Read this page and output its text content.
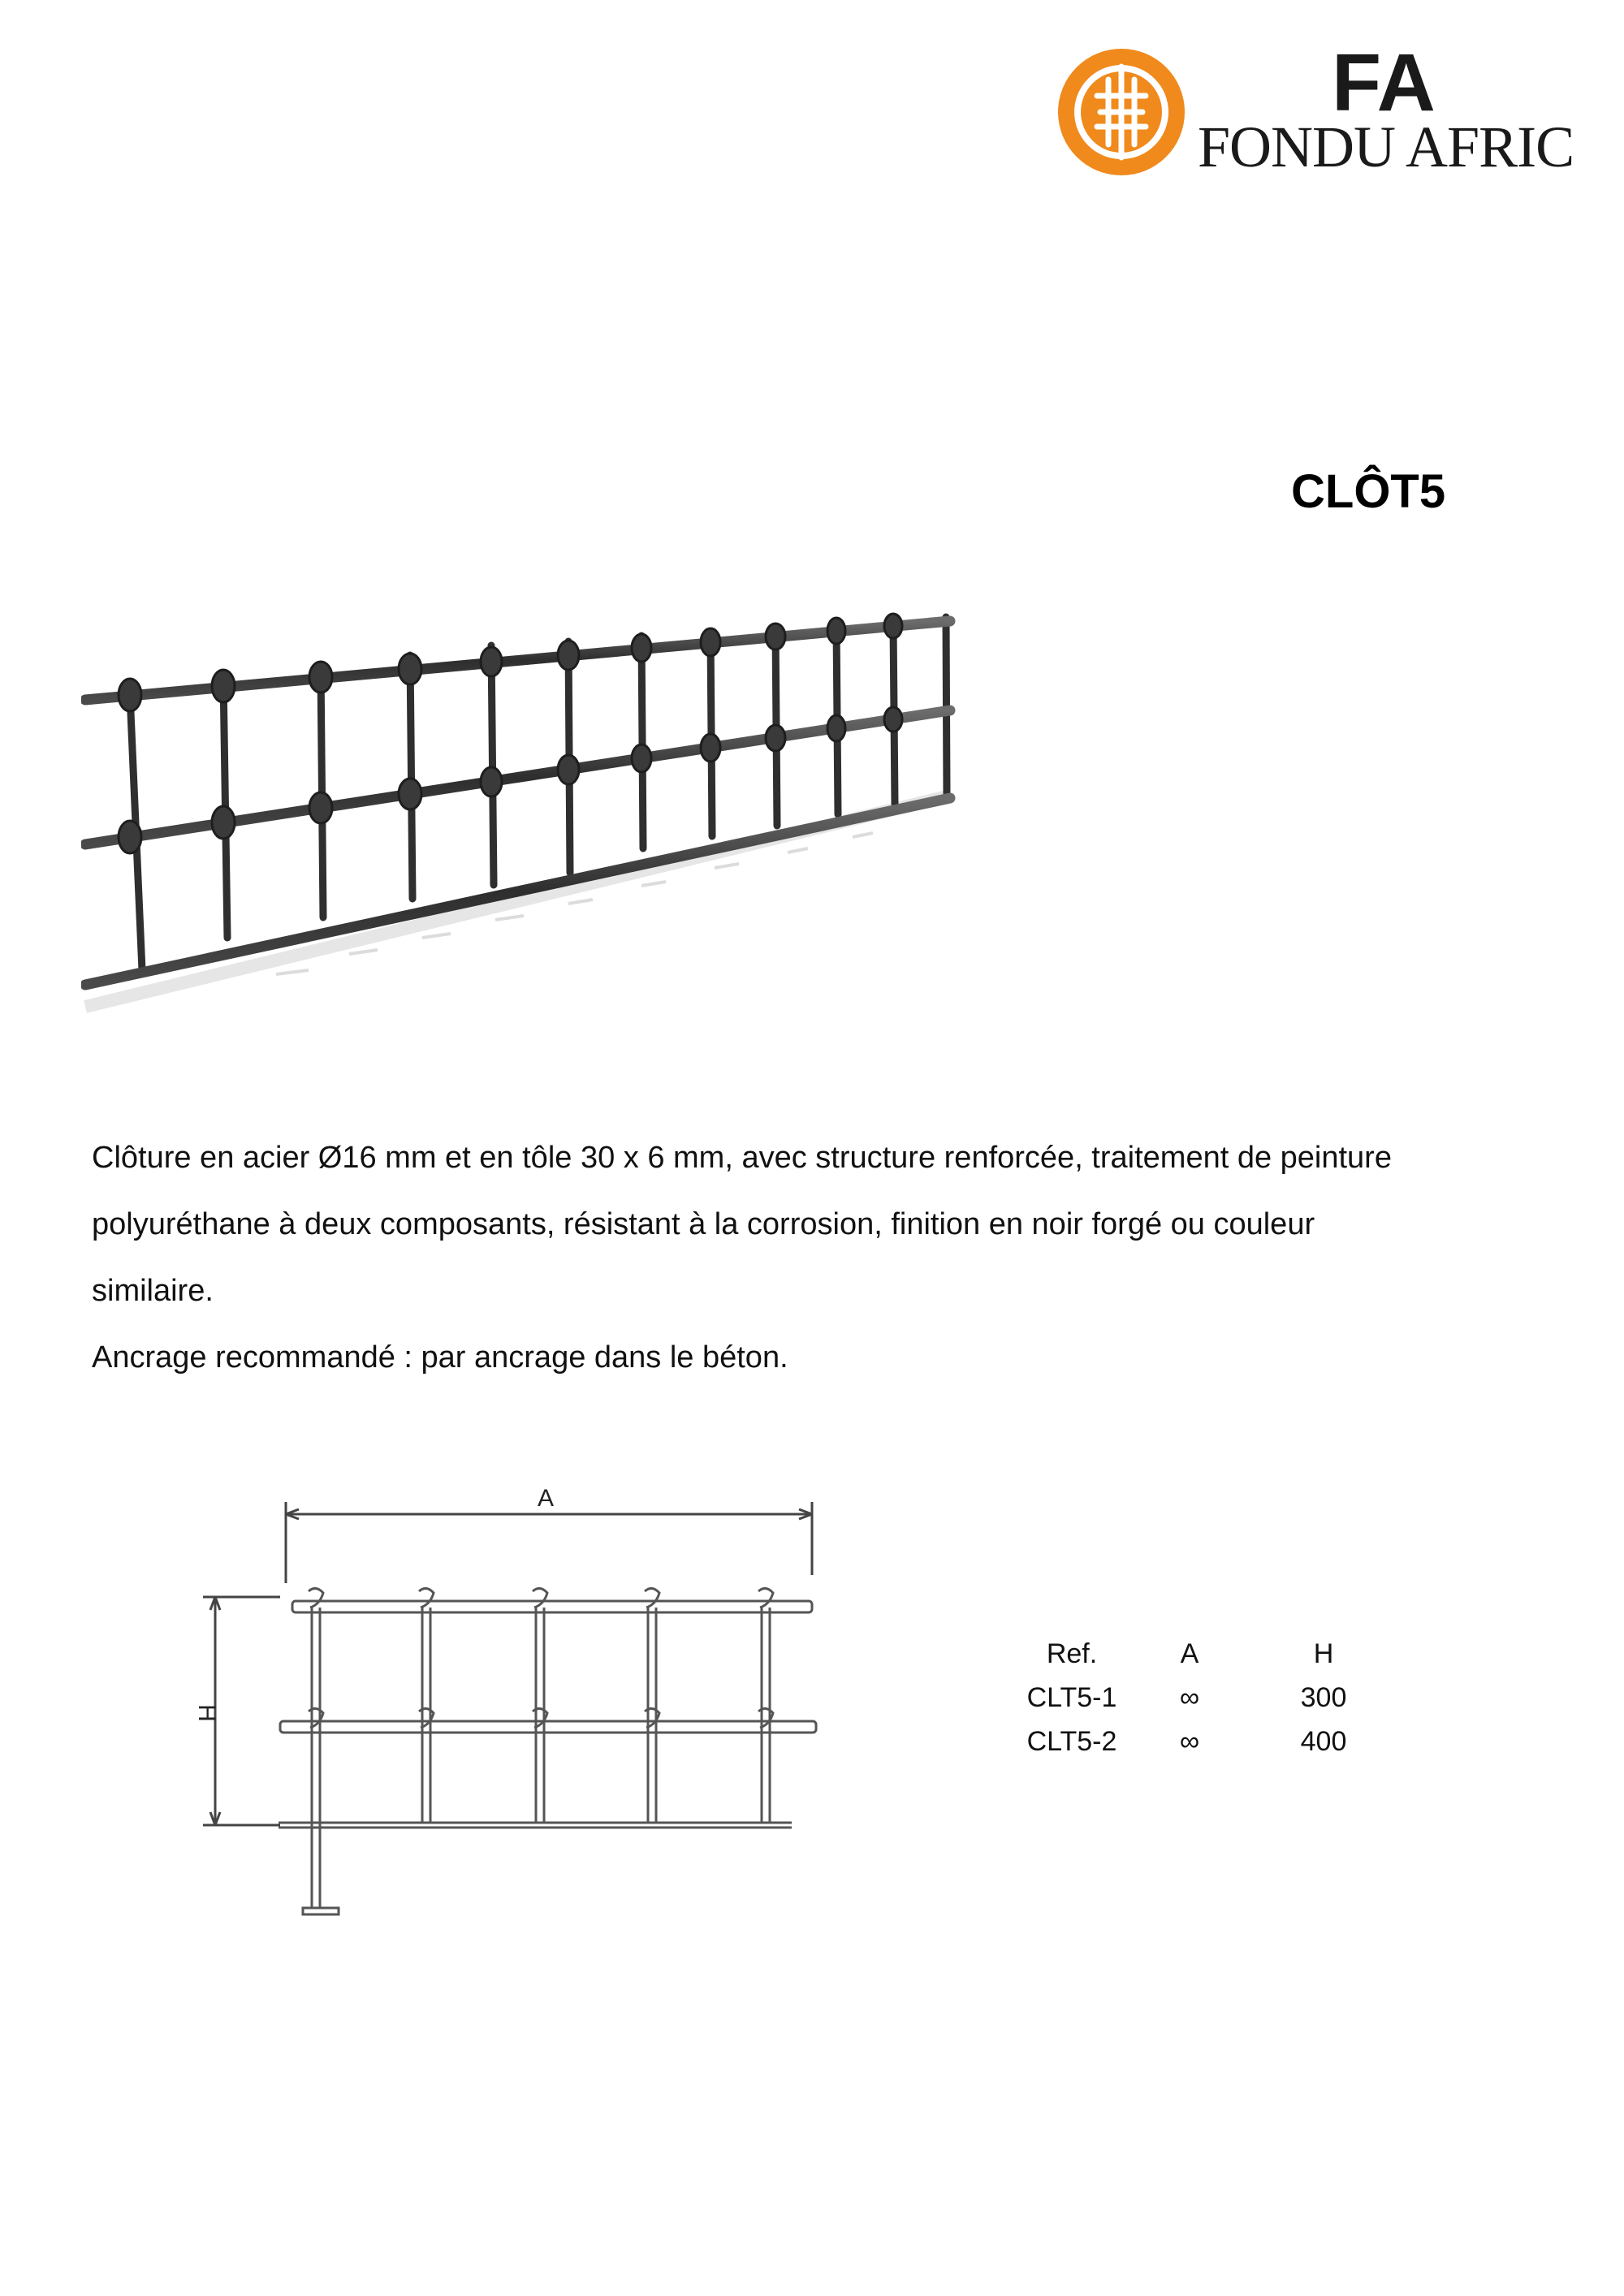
FA
FONDU AFRIC
CLÔT5

Clôture en acier Ø16 mm et en tôle 30 x 6 mm, avec structure renforcée, traitement de peinture

polyuréthane à deux composants, résistant à la corrosion, finition en noir forgé ou couleur

similaire.

Ancrage recommandé : par ancrage dans le béton.

A
H
Ref.	A	H
CLT5-1	∞	300
CLT5-2	∞	400
